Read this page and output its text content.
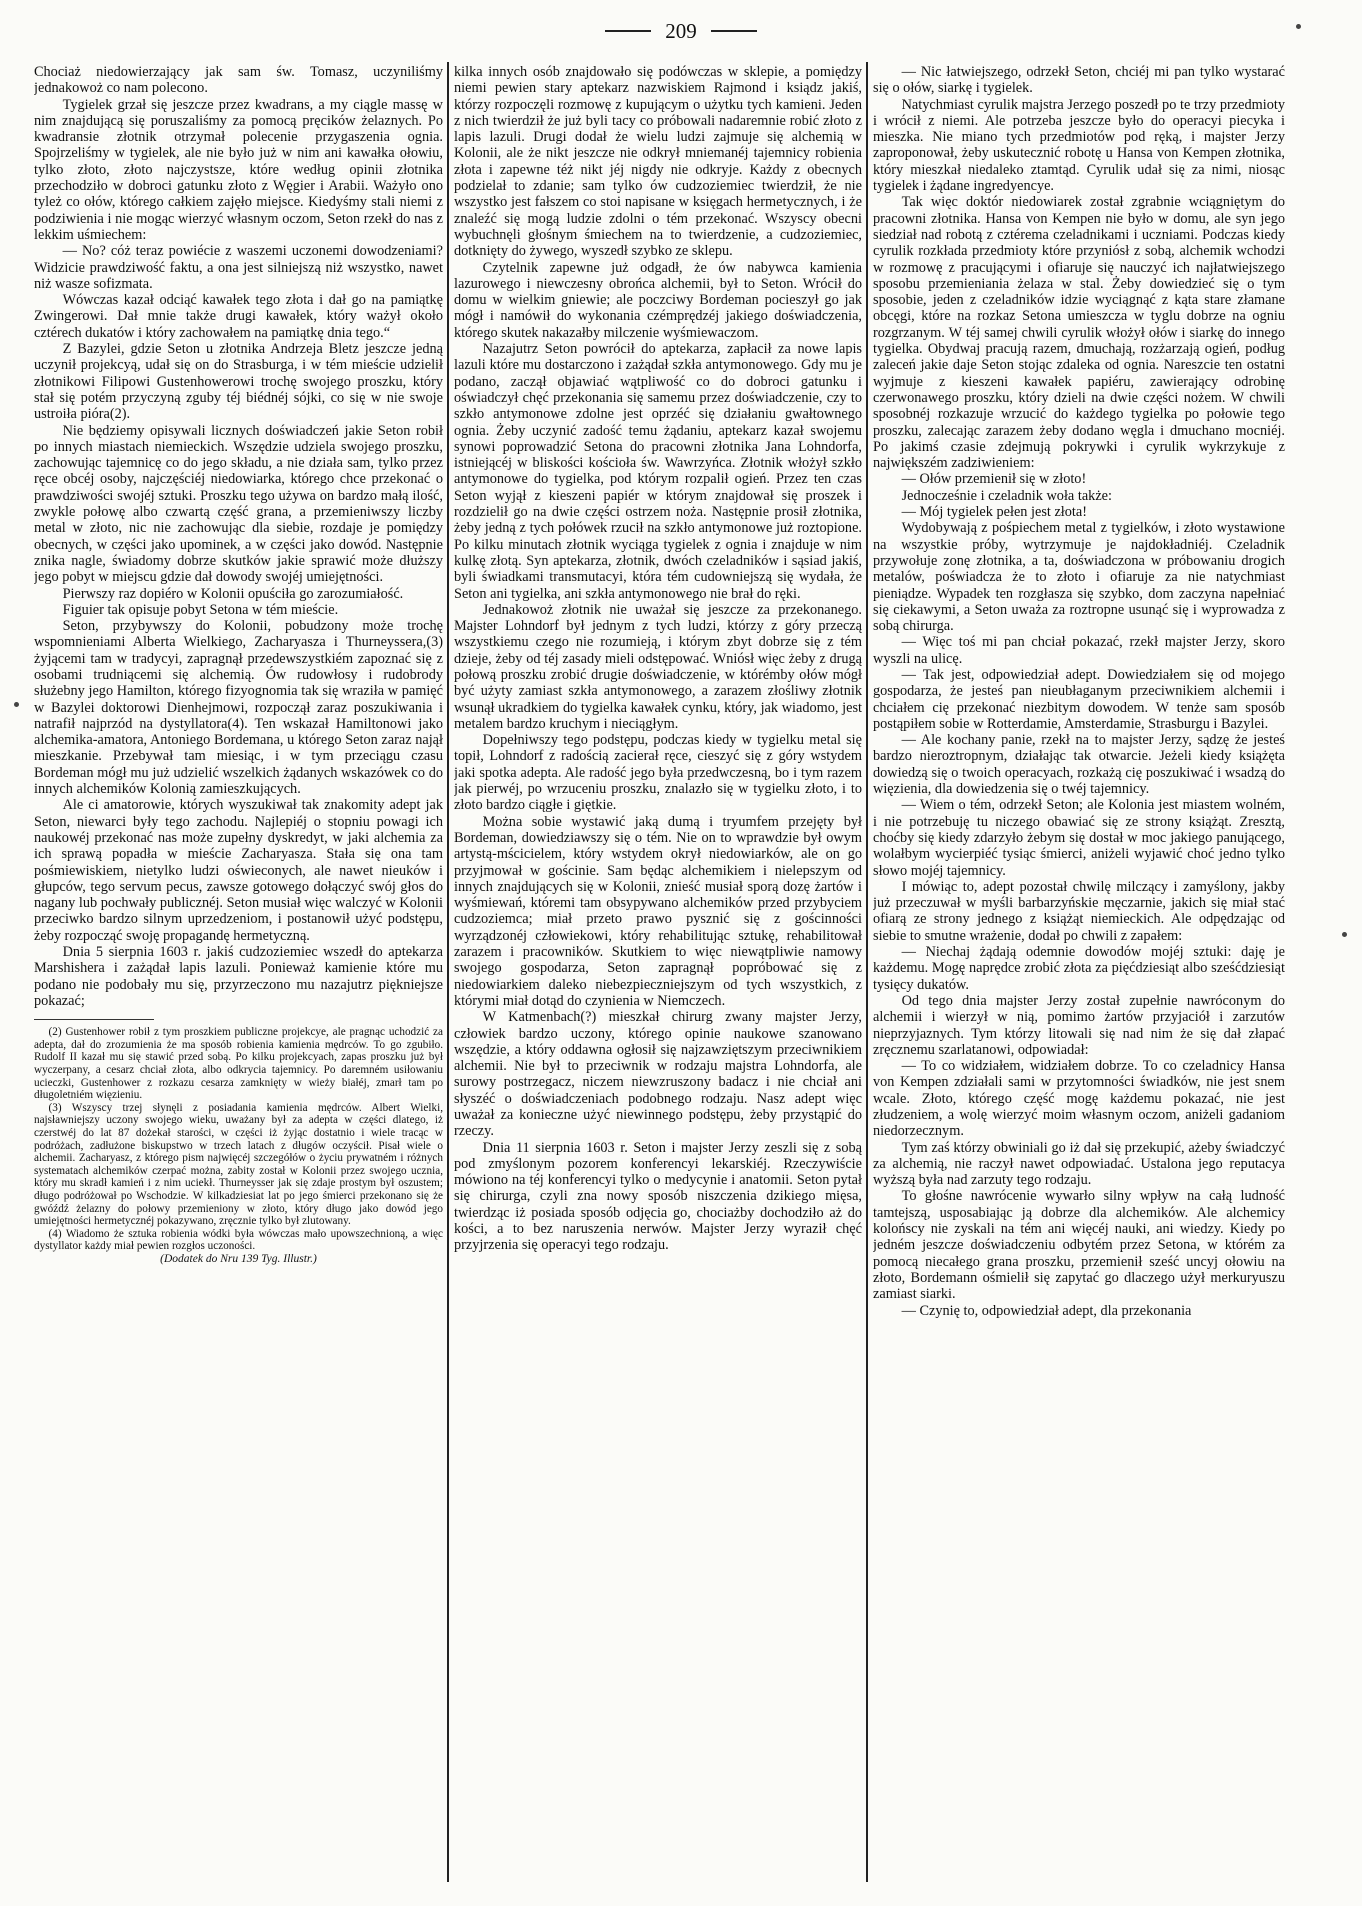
209

Chociaż niedowierzający jak sam św. Tomasz, uczyniliśmy jednakowoż co nam polecono.

Tygielek grzał się jeszcze przez kwadrans, a my ciągle massę w nim znajdującą się poruszaliśmy za pomocą pręcików żelaznych. Po kwadransie złotnik otrzymał polecenie przygaszenia ognia. Spojrzeliśmy w tygielek, ale nie było już w nim ani kawałka ołowiu, tylko złoto, złoto najczystsze, które według opinii złotnika przechodziło w dobroci gatunku złoto z Węgier i Arabii. Ważyło ono tyleż co ołów, którego całkiem zajęło miejsce. Kiedyśmy stali niemi z podziwienia i nie mogąc wierzyć własnym oczom, Seton rzekł do nas z lekkim uśmiechem:

— No? cóż teraz powiécie z waszemi uczonemi dowodzeniami? Widzicie prawdziwość faktu, a ona jest silniejszą niż wszystko, nawet niż wasze sofizmata.

Wówczas kazał odciąć kawałek tego złota i dał go na pamiątkę Zwingerowi. Dał mnie także drugi kawałek, który ważył około cztérech dukatów i który zachowałem na pamiątkę dnia tego.“

Z Bazylei, gdzie Seton u złotnika Andrzeja Bletz jeszcze jedną uczynił projekcyą, udał się on do Strasburga, i w tém mieście udzielił złotnikowi Filipowi Gustenhowerowi trochę swojego proszku, który stał się potém przyczyną zguby téj biédnéj sójki, co się w nie swoje ustroiła pióra(2).

Nie będziemy opisywali licznych doświadczeń jakie Seton robił po innych miastach niemieckich. Wszędzie udziela swojego proszku, zachowując tajemnicę co do jego składu, a nie działa sam, tylko przez ręce obcéj osoby, najczęściéj niedowiarka, którego chce przekonać o prawdziwości swojéj sztuki. Proszku tego używa on bardzo małą ilość, zwykle połowę albo czwartą część grana, a przemieniwszy liczby metal w złoto, nic nie zachowując dla siebie, rozdaje je pomiędzy obecnych, w części jako upominek, a w części jako dowód. Następnie znika nagle, świadomy dobrze skutków jakie sprawić może dłuższy jego pobyt w miejscu gdzie dał dowody swojéj umiejętności.

Pierwszy raz dopiéro w Kolonii opuściła go zarozumiałość.

Figuier tak opisuje pobyt Setona w tém mieście.

Seton, przybywszy do Kolonii, pobudzony może trochę wspomnieniami Alberta Wielkiego, Zacharyasza i Thurneyssera,(3) żyjącemi tam w tradycyi, zapragnął przedewszystkiém zapoznać się z osobami trudniącemi się alchemią. Ów rudowłosy i rudobrody służebny jego Hamilton, którego fizyognomia tak się wraziła w pamięć w Bazylei doktorowi Dienhejmowi, rozpoczął zaraz poszukiwania i natrafił najprzód na dystyllatora(4). Ten wskazał Hamiltonowi jako alchemika-amatora, Antoniego Bordemana, u którego Seton zaraz najął mieszkanie. Przebywał tam miesiąc, i w tym przeciągu czasu Bordeman mógł mu już udzielić wszelkich żądanych wskazówek co do innych alchemików Kolonią zamieszkujących.

Ale ci amatorowie, których wyszukiwał tak znakomity adept jak Seton, niewarci były tego zachodu. Najlepiéj o stopniu powagi ich naukowéj przekonać nas może zupełny dyskredyt, w jaki alchemia za ich sprawą popadła w mieście Zacharyasza. Stała się ona tam pośmiewiskiem, nietylko ludzi oświeconych, ale nawet nieuków i głupców, tego servum pecus, zawsze gotowego dołączyć swój głos do nagany lub pochwały publicznéj. Seton musiał więc walczyć w Kolonii przeciwko bardzo silnym uprzedzeniom, i postanowił użyć podstępu, żeby rozpocząć swoję propagandę hermetyczną.

Dnia 5 sierpnia 1603 r. jakiś cudzoziemiec wszedł do aptekarza Marshishera i zażądał lapis lazuli. Ponieważ kamienie które mu podano nie podobały mu się, przyrzeczono mu nazajutrz piękniejsze pokazać;

(2) Gustenhower robił z tym proszkiem publiczne projekcye, ale pragnąc uchodzić za adepta, dał do zrozumienia że ma sposób robienia kamienia mędrców. To go zgubiło. Rudolf II kazał mu się stawić przed sobą. Po kilku projekcyach, zapas proszku już był wyczerpany, a cesarz chciał złota, albo odkrycia tajemnicy. Po daremném usiłowaniu ucieczki, Gustenhower z rozkazu cesarza zamknięty w wieży białéj, zmarł tam po długoletniém więzieniu.

(3) Wszyscy trzej słynęli z posiadania kamienia mędrców. Albert Wielki, najsławniejszy uczony swojego wieku, uważany był za adepta w części dlatego, iż czerstwéj do lat 87 dożekał starości, w części iż żyjąc dostatnio i wiele tracąc w podróżach, zadłużone biskupstwo w trzech latach z długów oczyścił. Pisał wiele o alchemii. Zacharyasz, z którego pism najwięcéj szczegółów o życiu prywatném i różnych systematach alchemików czerpać można, zabity został w Kolonii przez swojego ucznia, który mu skradł kamień i z nim uciekł. Thurneysser jak się zdaje prostym był oszustem; długo podróżował po Wschodzie. W kilkadziesiat lat po jego śmierci przekonano się że gwóźdź żelazny do połowy przemieniony w złoto, który długo jako dowód jego umiejętności hermetycznéj pokazywano, zręcznie tylko był zlutowany.

(4) Wiadomo że sztuka robienia wódki była wówczas mało upowszechnioną, a więc dystyllator każdy miał pewien rozgłos uczoności.

(Dodatek do Nru 139 Tyg. Illustr.)

kilka innych osób znajdowało się podówczas w sklepie, a pomiędzy niemi pewien stary aptekarz nazwiskiem Rajmond i ksiądz jakiś, którzy rozpoczęli rozmowę z kupującym o użytku tych kamieni. Jeden z nich twierdził że już byli tacy co próbowali nadaremnie robić złoto z lapis lazuli. Drugi dodał że wielu ludzi zajmuje się alchemią w Kolonii, ale że nikt jeszcze nie odkrył mniemanéj tajemnicy robienia złota i zapewne téż nikt jéj nigdy nie odkryje. Każdy z obecnych podzielał to zdanie; sam tylko ów cudzoziemiec twierdził, że nie wszystko jest fałszem co stoi napisane w księgach hermetycznych, i że znaleźć się mogą ludzie zdolni o tém przekonać. Wszyscy obecni wybuchnęli głośnym śmiechem na to twierdzenie, a cudzoziemiec, dotknięty do żywego, wyszedł szybko ze sklepu.

Czytelnik zapewne już odgadł, że ów nabywca kamienia lazurowego i niewczesny obrońca alchemii, był to Seton. Wrócił do domu w wielkim gniewie; ale poczciwy Bordeman pocieszył go jak mógł i namówił do wykonania czémprędzéj jakiego doświadczenia, którego skutek nakazałby milczenie wyśmiewaczom.

Nazajutrz Seton powrócił do aptekarza, zapłacił za nowe lapis lazuli które mu dostarczono i zażądał szkła antymonowego. Gdy mu je podano, zaczął objawiać wątpliwość co do dobroci gatunku i oświadczył chęć przekonania się samemu przez doświadczenie, czy to szkło antymonowe zdolne jest oprzéć się działaniu gwałtownego ognia. Żeby uczynić zadość temu żądaniu, aptekarz kazał swojemu synowi poprowadzić Setona do pracowni złotnika Jana Lohndorfa, istniejącéj w bliskości kościoła św. Wawrzyńca. Złotnik włożył szkło antymonowe do tygielka, pod którym rozpalił ogień. Przez ten czas Seton wyjął z kieszeni papiér w którym znajdował się proszek i rozdzielił go na dwie części ostrzem noża. Następnie prosił złotnika, żeby jedną z tych połówek rzucił na szkło antymonowe już roztopione. Po kilku minutach złotnik wyciąga tygielek z ognia i znajduje w nim kulkę złotą. Syn aptekarza, złotnik, dwóch czeladników i sąsiad jakiś, byli świadkami transmutacyi, która tém cudowniejszą się wydała, że Seton ani tygielka, ani szkła antymonowego nie brał do ręki.

Jednakowoż złotnik nie uważał się jeszcze za przekonanego. Majster Lohndorf był jednym z tych ludzi, którzy z góry przeczą wszystkiemu czego nie rozumieją, i którym zbyt dobrze się z tém dzieje, żeby od téj zasady mieli odstępować. Wniósł więc żeby z drugą połową proszku zrobić drugie doświadczenie, w którémby ołów mógł być użyty zamiast szkła antymonowego, a zarazem złośliwy złotnik wsunął ukradkiem do tygielka kawałek cynku, który, jak wiadomo, jest metalem bardzo kruchym i nieciągłym.

Dopełniwszy tego podstępu, podczas kiedy w tygielku metal się topił, Lohndorf z radością zacierał ręce, cieszyć się z góry wstydem jaki spotka adepta. Ale radość jego była przedwczesną, bo i tym razem jak pierwéj, po wrzuceniu proszku, znalazło się w tygielku złoto, i to złoto bardzo ciągłe i giętkie.

Można sobie wystawić jaką dumą i tryumfem przejęty był Bordeman, dowiedziawszy się o tém. Nie on to wprawdzie był owym artystą-mścicielem, który wstydem okrył niedowiarków, ale on go przyjmował w gościnie. Sam będąc alchemikiem i nielepszym od innych znajdujących się w Kolonii, znieść musiał sporą dozę żartów i wyśmiewań, któremi tam obsypywano alchemików przed przybyciem cudzoziemca; miał przeto prawo pysznić się z gościnności wyrządzonéj człowiekowi, który rehabilitując sztukę, rehabilitował zarazem i pracowników. Skutkiem to więc niewątpliwie namowy swojego gospodarza, Seton zapragnął popróbować się z niedowiarkiem daleko niebezpieczniejszym od tych wszystkich, z którymi miał dotąd do czynienia w Niemczech.

W Katmenbach(?) mieszkał chirurg zwany majster Jerzy, człowiek bardzo uczony, którego opinie naukowe szanowano wszędzie, a który oddawna ogłosił się najzawziętszym przeciwnikiem alchemii. Nie był to przeciwnik w rodzaju majstra Lohndorfa, ale surowy postrzegacz, niczem niewzruszony badacz i nie chciał ani słyszéć o doświadczeniach podobnego rodzaju. Nasz adept więc uważał za konieczne użyć niewinnego podstępu, żeby przystąpić do rzeczy.

Dnia 11 sierpnia 1603 r. Seton i majster Jerzy zeszli się z sobą pod zmyślonym pozorem konferencyi lekarskiéj. Rzeczywiście mówiono na téj konferencyi tylko o medycynie i anatomii. Seton pytał się chirurga, czyli zna nowy sposób niszczenia dzikiego mięsa, twierdząc iż posiada sposób odjęcia go, chociażby dochodziło aż do kości, a to bez naruszenia nerwów. Majster Jerzy wyraził chęć przyjrzenia się operacyi tego rodzaju.

— Nic łatwiejszego, odrzekł Seton, chciéj mi pan tylko wystarać się o ołów, siarkę i tygielek.

Natychmiast cyrulik majstra Jerzego poszedł po te trzy przedmioty i wrócił z niemi. Ale potrzeba jeszcze było do operacyi piecyka i mieszka. Nie miano tych przedmiotów pod ręką, i majster Jerzy zaproponował, żeby uskutecznić robotę u Hansa von Kempen złotnika, który mieszkał niedaleko ztamtąd. Cyrulik udał się za nimi, niosąc tygielek i żądane ingredyencye.

Tak więc doktór niedowiarek został zgrabnie wciągniętym do pracowni złotnika. Hansa von Kempen nie było w domu, ale syn jego siedział nad robotą z cztérema czeladnikami i uczniami. Podczas kiedy cyrulik rozkłada przedmioty które przyniósł z sobą, alchemik wchodzi w rozmowę z pracującymi i ofiaruje się nauczyć ich najłatwiejszego sposobu przemieniania żelaza w stal. Żeby dowiedzieć się o tym sposobie, jeden z czeladników idzie wyciągnąć z kąta stare złamane obcęgi, które na rozkaz Setona umieszcza w tyglu dobrze na ogniu rozgrzanym. W téj samej chwili cyrulik włożył ołów i siarkę do innego tygielka. Obydwaj pracują razem, dmuchają, rozżarzają ogień, podług zaleceń jakie daje Seton stojąc zdaleka od ognia. Nareszcie ten ostatni wyjmuje z kieszeni kawałek papiéru, zawierający odrobinę czerwonawego proszku, który dzieli na dwie części nożem. W chwili sposobnéj rozkazuje wrzucić do każdego tygielka po połowie tego proszku, zalecając zarazem żeby dodano węgla i dmuchano mocniéj. Po jakimś czasie zdejmują pokrywki i cyrulik wykrzykuje z największém zadziwieniem:

— Ołów przemienił się w złoto!

Jednocześnie i czeladnik woła także:

— Mój tygielek pełen jest złota!

Wydobywają z pośpiechem metal z tygielków, i złoto wystawione na wszystkie próby, wytrzymuje je najdokładniéj. Czeladnik przywołuje zonę złotnika, a ta, doświadczona w próbowaniu drogich metalów, poświadcza że to złoto i ofiaruje za nie natychmiast pieniądze. Wypadek ten rozgłasza się szybko, dom zaczyna napełniać się ciekawymi, a Seton uważa za roztropne usunąć się i wyprowadza z sobą chirurga.

— Więc toś mi pan chciał pokazać, rzekł majster Jerzy, skoro wyszli na ulicę.

— Tak jest, odpowiedział adept. Dowiedziałem się od mojego gospodarza, że jesteś pan nieubłaganym przeciwnikiem alchemii i chciałem cię przekonać niezbitym dowodem. W tenże sam sposób postąpiłem sobie w Rotterdamie, Amsterdamie, Strasburgu i Bazylei.

— Ale kochany panie, rzekł na to majster Jerzy, sądzę że jesteś bardzo nieroztropnym, działając tak otwarcie. Jeżeli kiedy książęta dowiedzą się o twoich operacyach, rozkażą cię poszukiwać i wsadzą do więzienia, dla dowiedzenia się o twéj tajemnicy.

— Wiem o tém, odrzekł Seton; ale Kolonia jest miastem wolném, i nie potrzebuję tu niczego obawiać się ze strony książąt. Zresztą, choćby się kiedy zdarzyło żebym się dostał w moc jakiego panującego, wolałbym wycierpiéć tysiąc śmierci, aniżeli wyjawić choć jedno tylko słowo mojéj tajemnicy.

I mówiąc to, adept pozostał chwilę milczący i zamyślony, jakby już przeczuwał w myśli barbarzyńskie męczarnie, jakich się miał stać ofiarą ze strony jednego z książąt niemieckich. Ale odpędzając od siebie to smutne wrażenie, dodał po chwili z zapałem:

— Niechaj żądają odemnie dowodów mojéj sztuki: daję je każdemu. Mogę naprędce zrobić złota za pięćdziesiąt albo sześćdziesiąt tysięcy dukatów.

Od tego dnia majster Jerzy został zupełnie nawróconym do alchemii i wierzył w nią, pomimo żartów przyjaciół i zarzutów nieprzyjaznych. Tym którzy litowali się nad nim że się dał złapać zręcznemu szarlatanowi, odpowiadał:

— To co widziałem, widziałem dobrze. To co czeladnicy Hansa von Kempen zdziałali sami w przytomności świadków, nie jest snem wcale. Złoto, którego część mogę każdemu pokazać, nie jest złudzeniem, a wolę wierzyć moim własnym oczom, aniżeli gadaniom niedorzecznym.

Tym zaś którzy obwiniali go iż dał się przekupić, ażeby świadczyć za alchemią, nie raczył nawet odpowiadać. Ustalona jego reputacya wyższą była nad zarzuty tego rodzaju.

To głośne nawrócenie wywarło silny wpływ na całą ludność tamtejszą, usposabiając ją dobrze dla alchemików. Ale alchemicy kolońscy nie zyskali na tém ani więcéj nauki, ani wiedzy. Kiedy po jedném jeszcze doświadczeniu odbytém przez Setona, w którém za pomocą niecałego grana proszku, przemienił sześć uncyj ołowiu na złoto, Bordemann ośmielił się zapytać go dlaczego użył merkuryuszu zamiast siarki.

— Czynię to, odpowiedział adept, dla przekonania
